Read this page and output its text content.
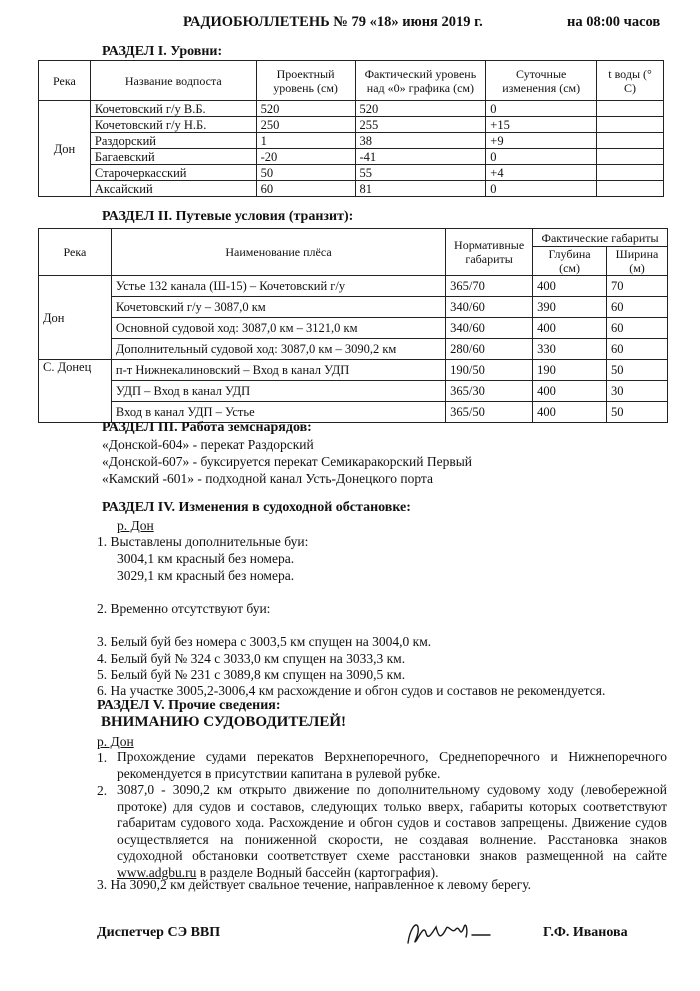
РАДИОБЮЛЛЕТЕНЬ № 79 «18» июня 2019 г.	на 08:00 часов
РАЗДЕЛ I. Уровни:
Река	Название водпоста	Проектный уровень (см)	Фактический уровень над «0» графика (см)	Суточные изменения (см)	t воды (° С)
Дон	Кочетовский г/у В.Б.	520	520	0	
	Кочетовский г/у Н.Б.	250	255	+15	
	Раздорский	1	38	+9	
	Багаевский	-20	-41	0	
	Старочеркасский	50	55	+4	
	Аксайский	60	81	0	
РАЗДЕЛ II. Путевые условия (транзит):
Река	Наименование плёса	Нормативные габариты	Фактические габариты	
			Глубина (см)	Ширина (м)
Дон	Устье 132 канала (Ш-15) – Кочетовский г/у	365/70	400	70
	Кочетовский г/у – 3087,0 км	340/60	390	60
	Основной судовой ход: 3087,0 км – 3121,0 км	340/60	400	60
	Дополнительный судовой ход: 3087,0 км – 3090,2 км	280/60	330	60
С. Донец	п-т Нижнекалиновский – Вход в канал УДП	190/50	190	50
	УДП – Вход в канал УДП	365/30	400	30
	Вход в канал УДП – Устье	365/50	400	50
РАЗДЕЛ III. Работа земснарядов:
«Донской-604» - перекат Раздорский
«Донской-607» - буксируется перекат Семикаракорский Первый
«Камский -601» - подходной канал Усть-Донецкого порта
РАЗДЕЛ IV. Изменения в судоходной обстановке:
р. Дон
1. Выставлены дополнительные буи:
3004,1 км красный без номера.
3029,1 км красный без номера.
2. Временно отсутствуют буи:
3. Белый буй без номера с 3003,5 км спущен на 3004,0 км.
4. Белый буй № 324 с 3033,0 км спущен на 3033,3 км.
5. Белый буй № 231 с 3089,8 км спущен на 3090,5 км.
6. На участке 3005,2-3006,4 км расхождение и обгон судов и составов не рекомендуется.
РАЗДЕЛ V. Прочие сведения:
ВНИМАНИЮ СУДОВОДИТЕЛЕЙ!
р. Дон
1. Прохождение судами перекатов Верхнепоречного, Среднепоречного и Нижнепоречного рекомендуется в присутствии капитана в рулевой рубке.
2. 3087,0 - 3090,2 км открыто движение по дополнительному судовому ходу (левобережной протоке) для судов и составов, следующих только вверх, габариты которых соответствуют габаритам судового хода. Расхождение и обгон судов и составов запрещены. Движение судов осуществляется на пониженной скорости, не создавая волнение. Расстановка знаков судоходной обстановки соответствует схеме расстановки знаков размещенной на сайте www.adgbu.ru в разделе Водный бассейн (картография).
3. На 3090,2 км действует свальное течение, направленное к левому берегу.
Диспетчер СЭ ВВП	Г.Ф. Иванова
